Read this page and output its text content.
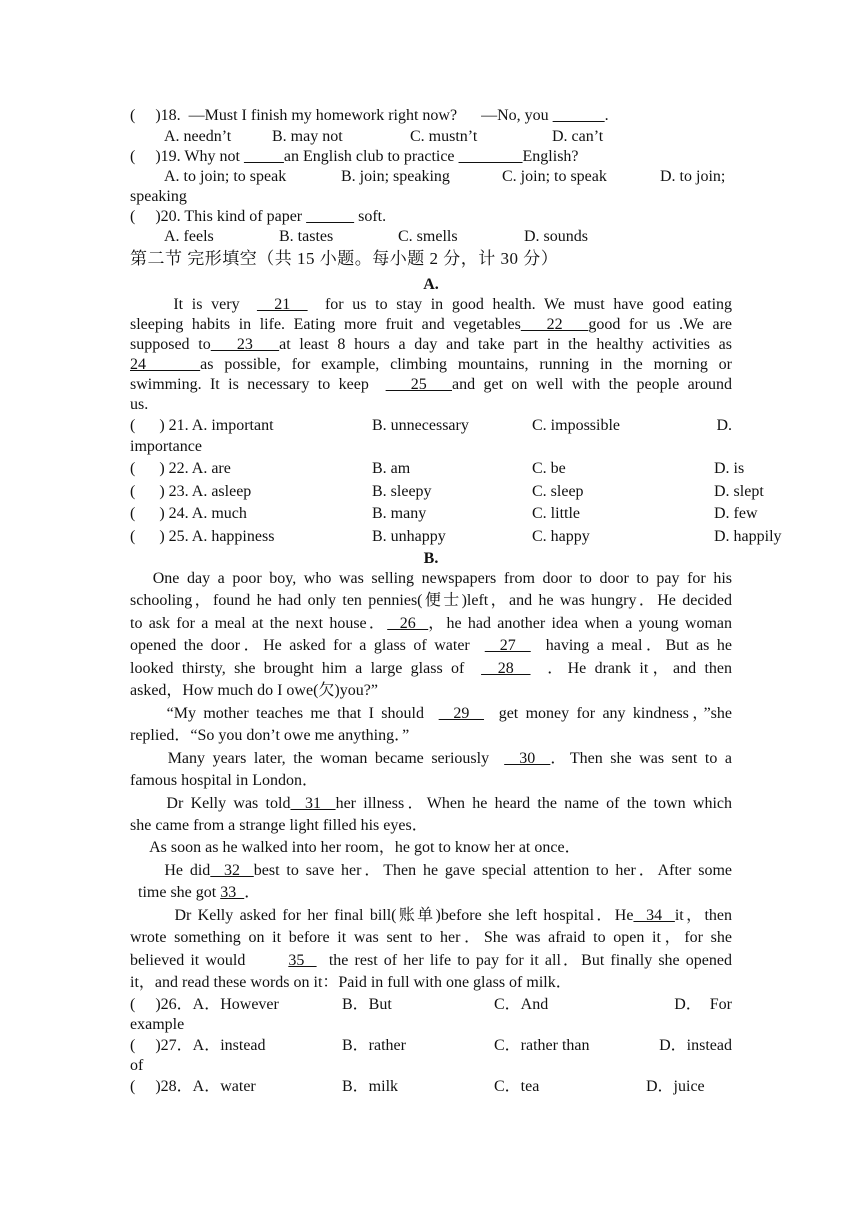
(     )18.  —Must I finish my homework right now?      —No, you	.
A. needn’t	B. may not	C. mustn’t	D. can’t
(     )19. Why not	an English club to practice	English?
A. to join; to speak	B. join; speaking	C. join; to speak	D. to join;
speaking
(     )20. This kind of paper	soft.
A. feels	B. tastes	C. smells	D. sounds
第二节 完形填空（共 15 小题。每小题 2 分，计 30 分）
A.
It is very    21    for us to stay in good health. We must have good eating
sleeping habits in life. Eating more fruit and vegetables   22   good for us .We are
supposed to   23   at least 8 hours a day and take part in the healthy activities as
24     as possible, for example, climbing mountains, running in the morning or
swimming. It is necessary to keep     25   and get on well with the people around
us.
(      ) 21. A. important	B. unnecessary	C. impossible	D.
importance
(      ) 22. A. are	B. am	C. be	D. is
(      ) 23. A. asleep	B. sleepy	C. sleep	D. slept
(      ) 24. A. much	B. many	C. little	D. few
(      ) 25. A. happiness	B. unhappy	C. happy	D. happily
B.
One day a poor boy, who was selling newspapers from door to door to pay for his
schooling，found he had only ten pennies(便士)left，and he was hungry．He decided
to ask for a meal at the next house．  26  ，he had another idea when a young woman
opened the door．He asked for a glass of water    27    having a meal．But as he
looked thirsty, she brought him a large glass of    28    ．He drank it，and then
asked，How much do I owe(欠)you?”
“My mother teaches me that I should    29    get money for any kindness，”she
replied．“So you don’t owe me anything．”
Many years later, the woman became seriously    30  ．Then she was sent to a
famous hospital in London．
Dr Kelly was told  31  her illness．When he heard the name of the town which
she came from a strange light filled his eyes．
As soon as he walked into her room，he got to know her at once．
He did  32  best to save her．Then he gave special attention to her．After some
time she got 33  ．
Dr Kelly asked for her final bill(账单)before she left hospital．He  34  it，then
wrote something on it before it was sent to her．She was afraid to open it，for she
believed it would       35    the rest of her life to pay for it all．But finally she opened
it，and read these words on it：Paid in full with one glass of milk．
(     )26．A．However	B．But	C．And	D．  For
example
(     )27．A．instead	B．rather	C．rather than	D．instead
of
(     )28．A．water	B．milk	C．tea	D．juice
